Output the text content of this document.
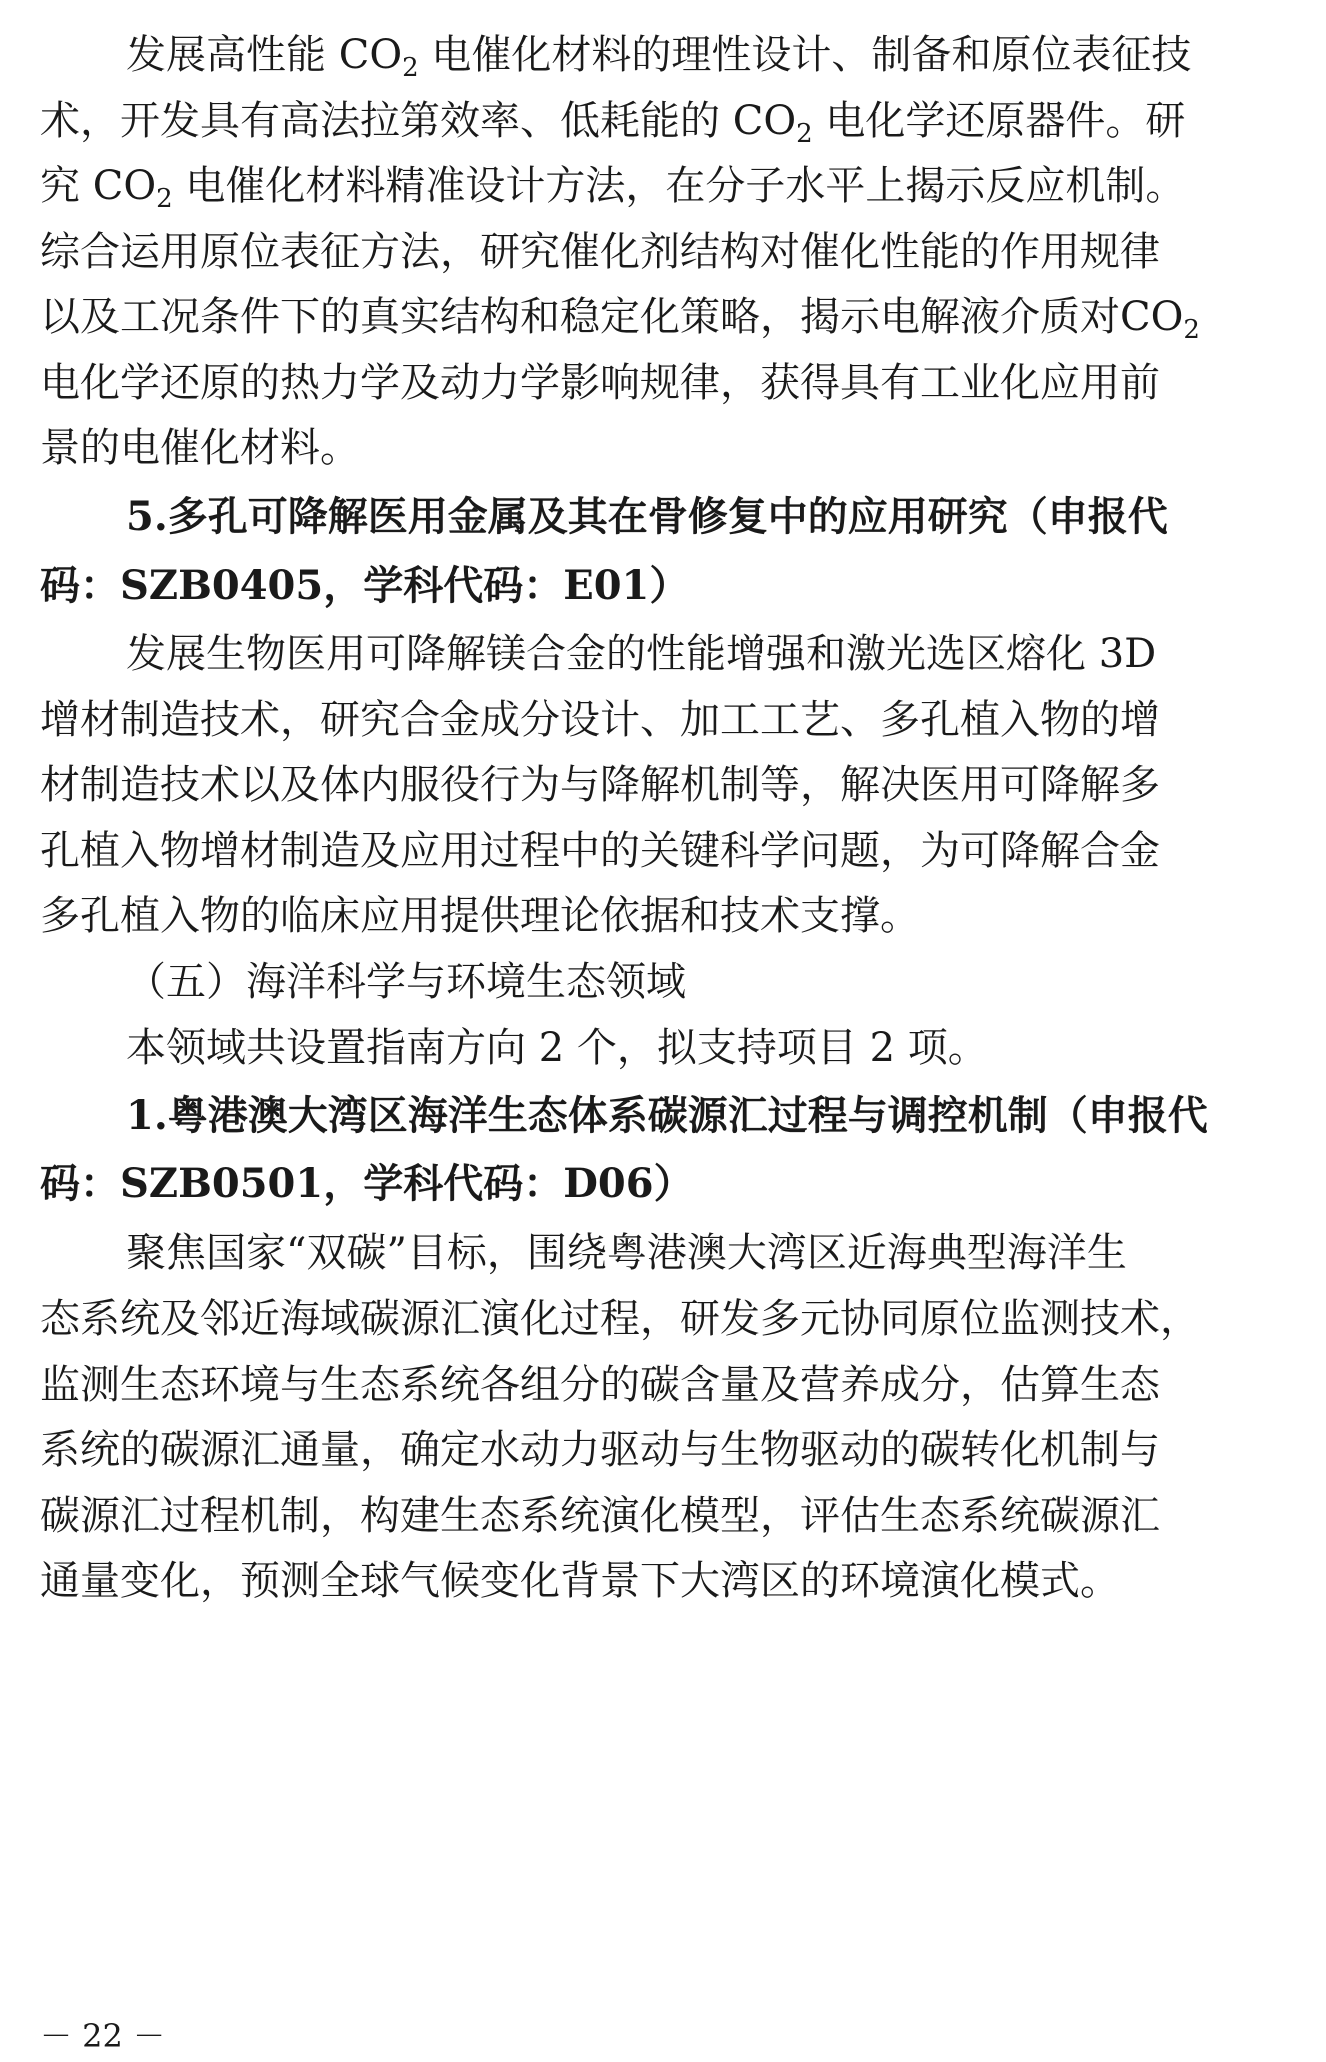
发展高性能 $CO_2$ 电催化材料的理性设计、制备和原位表征技
术，开发具有高法拉第效率、低耗能的 $CO_2$ 电化学还原器件。研
究 $CO_2$ 电催化材料精准设计方法，在分子水平上揭示反应机制。
综合运用原位表征方法，研究催化剂结构对催化性能的作用规律
以及工况条件下的真实结构和稳定化策略，揭示电解液介质对$CO_2$
电化学还原的热力学及动力学影响规律，获得具有工业化应用前
景的电催化材料。
5.多孔可降解医用金属及其在骨修复中的应用研究（申报代
码：SZB0405，学科代码：E01）
发展生物医用可降解镁合金的性能增强和激光选区熔化 3D
增材制造技术，研究合金成分设计、加工工艺、多孔植入物的增
材制造技术以及体内服役行为与降解机制等，解决医用可降解多
孔植入物增材制造及应用过程中的关键科学问题，为可降解合金
多孔植入物的临床应用提供理论依据和技术支撑。
（五）海洋科学与环境生态领域
本领域共设置指南方向 2 个，拟支持项目 2 项。
1.粤港澳大湾区海洋生态体系碳源汇过程与调控机制（申报代
码：SZB0501，学科代码：D06）
聚焦国家“双碳”目标，围绕粤港澳大湾区近海典型海洋生
态系统及邻近海域碳源汇演化过程，研发多元协同原位监测技术，
监测生态环境与生态系统各组分的碳含量及营养成分，估算生态
系统的碳源汇通量，确定水动力驱动与生物驱动的碳转化机制与
碳源汇过程机制，构建生态系统演化模型，评估生态系统碳源汇
通量变化，预测全球气候变化背景下大湾区的环境演化模式。
－ 22 －
